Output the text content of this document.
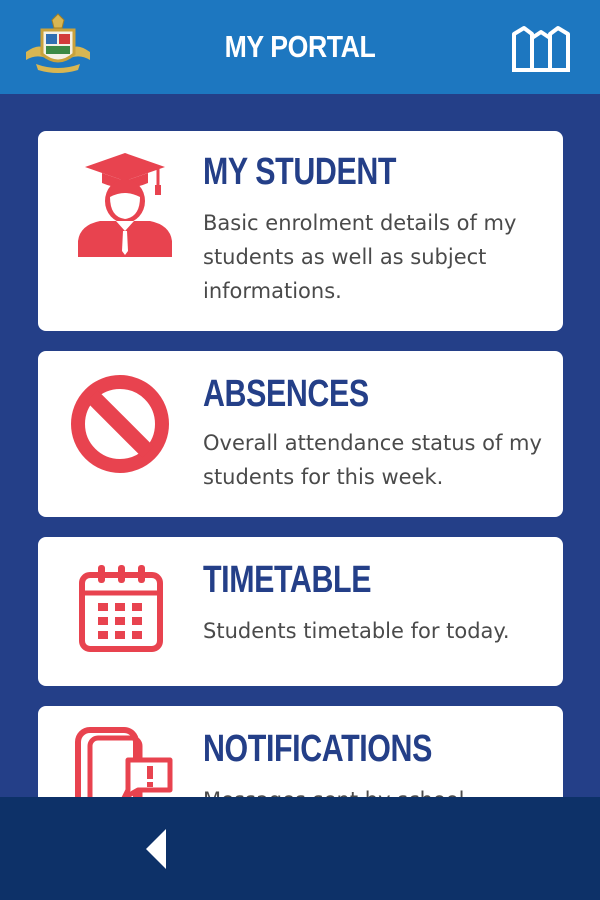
MY PORTAL
MY STUDENT
Basic enrolment details of my students as well as subject informations.
ABSENCES
Overall attendance status of my students for this week.
TIMETABLE
Students timetable for today.
NOTIFICATIONS
